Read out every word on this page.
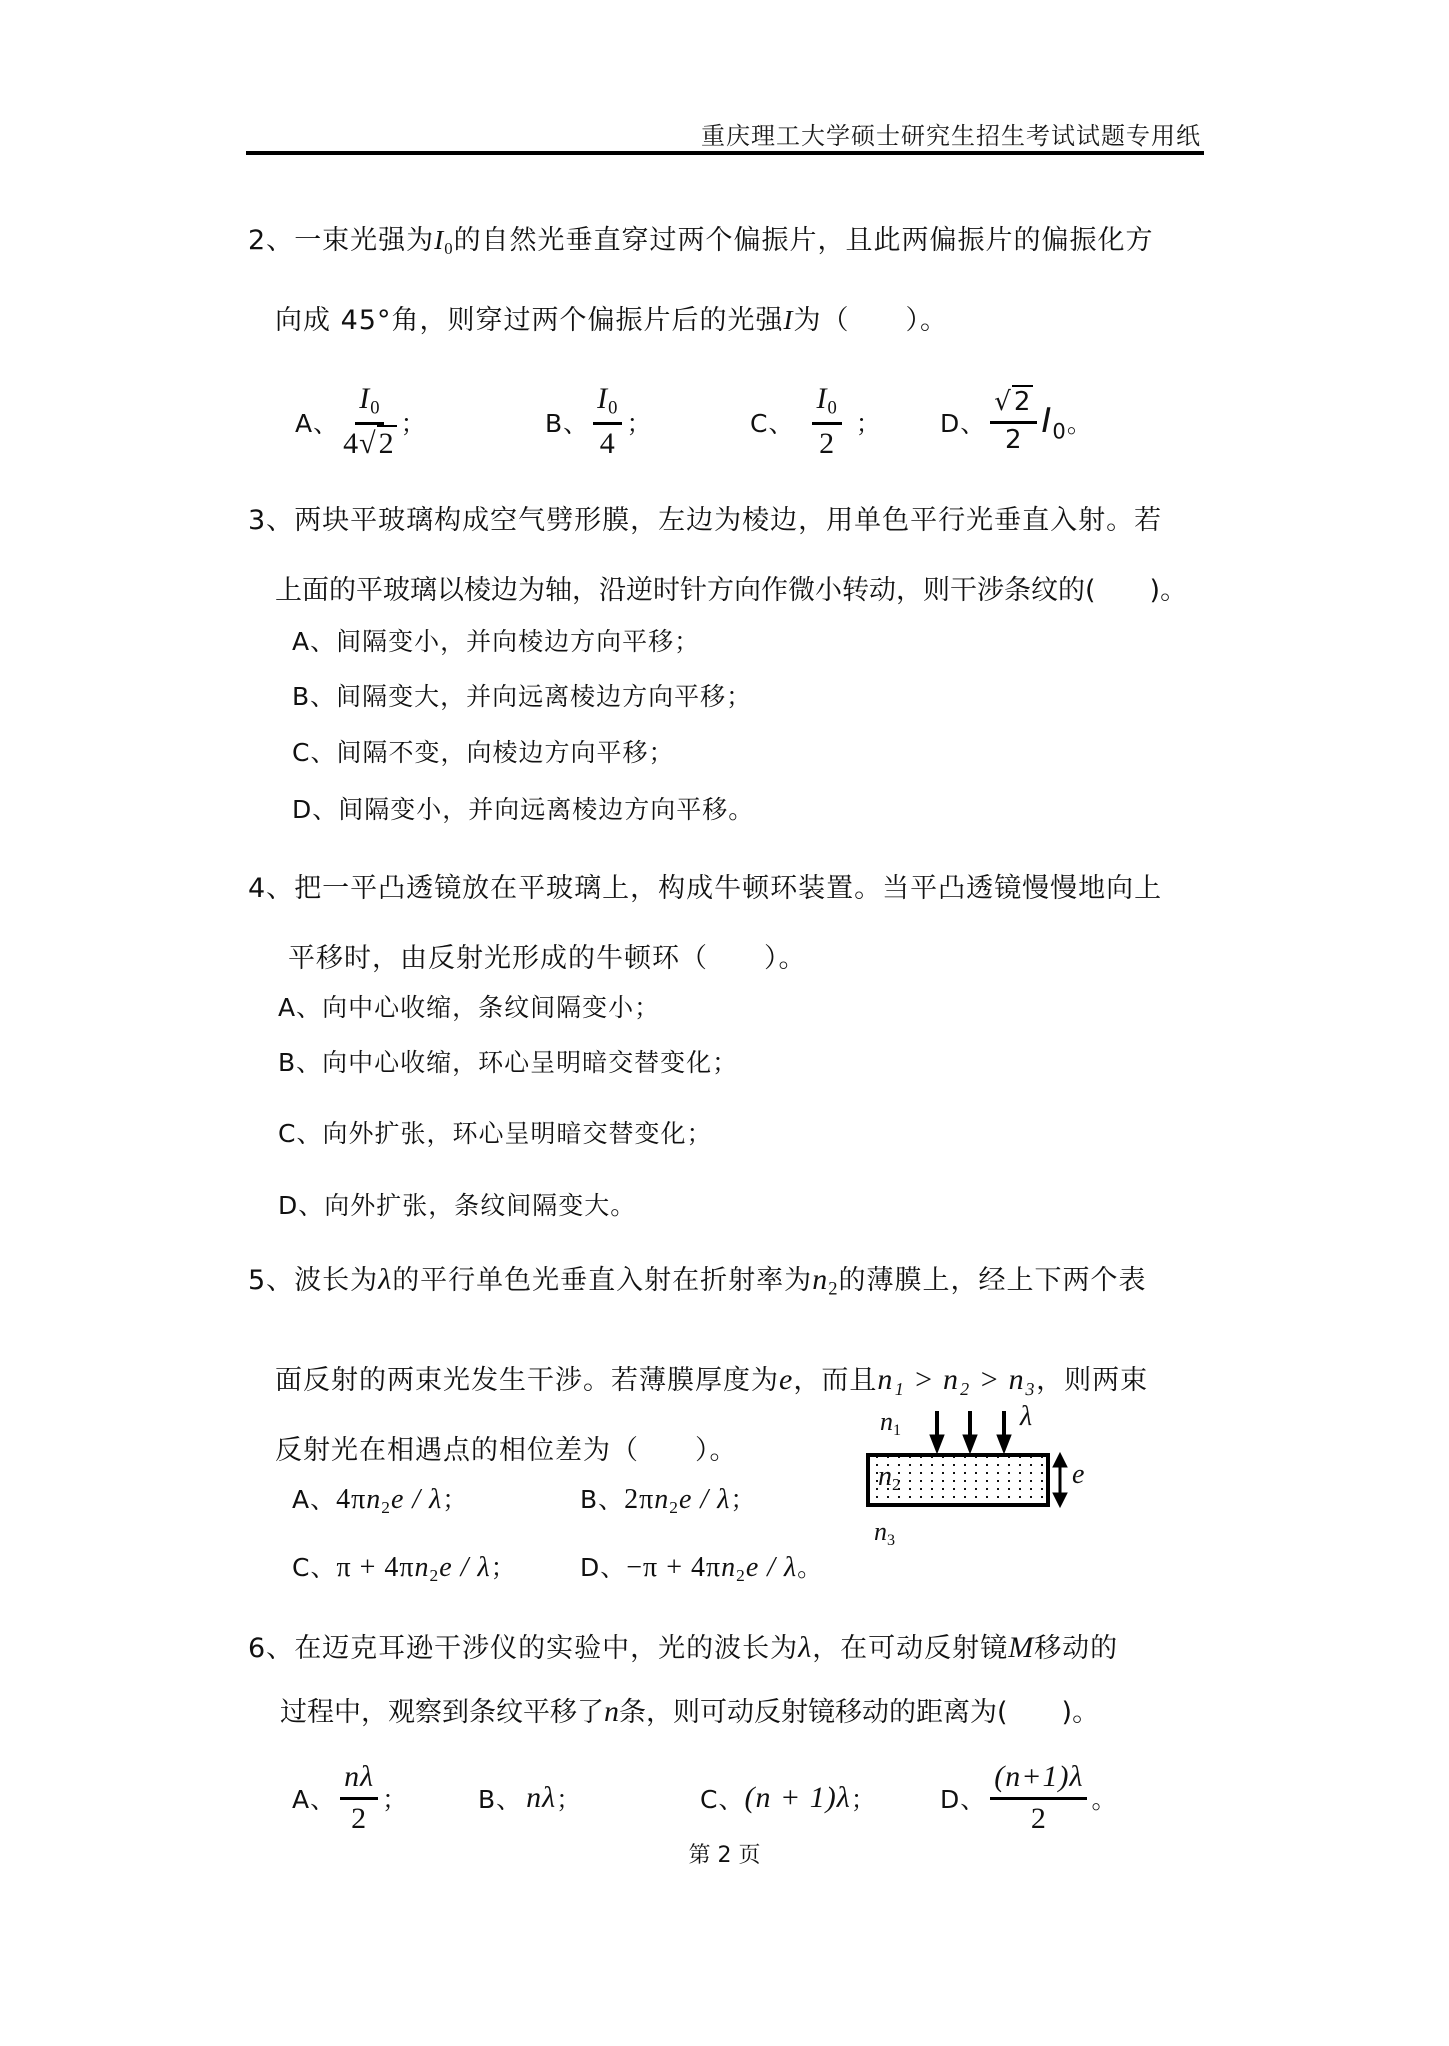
重庆理工大学硕士研究生招生考试试题专用纸
2、一束光强为$I_0$的自然光垂直穿过两个偏振片，且此两偏振片的偏振化方
向成 45°角，则穿过两个偏振片后的光强I为（　　）。
A、 $\frac{I_0}{4√2}$ ；	B、 $\frac{I_0}{4}$ ；	C、 $\frac{I_0}{2}$ ； D、 $\frac{√2}{2} I_0$ 。
3、两块平玻璃构成空气劈形膜，左边为棱边，用单色平行光垂直入射。若
上面的平玻璃以棱边为轴，沿逆时针方向作微小转动，则干涉条纹的(　　)。
A、间隔变小，并向棱边方向平移；
B、间隔变大，并向远离棱边方向平移；
C、间隔不变，向棱边方向平移；
D、间隔变小，并向远离棱边方向平移。
4、把一平凸透镜放在平玻璃上，构成牛顿环装置。当平凸透镜慢慢地向上
平移时，由反射光形成的牛顿环（　　）。
A、向中心收缩，条纹间隔变小；
B、向中心收缩，环心呈明暗交替变化；
C、向外扩张，环心呈明暗交替变化；
D、向外扩张，条纹间隔变大。
5、波长为λ的平行单色光垂直入射在折射率为$n_2$的薄膜上，经上下两个表
面反射的两束光发生干涉。若薄膜厚度为e，而且n₁ > n₂ > n₃，则两束
反射光在相遇点的相位差为（　　）。
A、$4\pi n_2e$ / λ；	B、$2\pi n_2e$ / λ；
C、$\pi + 4\pi n_2e / \lambda$；	D、$-\pi + 4\pi n_2e / \lambda$。
$n_1$	λ
$n_2$	e
$n_3$
6、在迈克耳逊干涉仪的实验中，光的波长为λ，在可动反射镜M移动的
过程中，观察到条纹平移了n条，则可动反射镜移动的距离为(　　)。
A、 $\frac{n\lambda}{2}$ ；	B、 nλ ；	C、 (n + 1)λ ；	D、 $\frac{(n+1)\lambda}{2}$ 。
第 2 页
